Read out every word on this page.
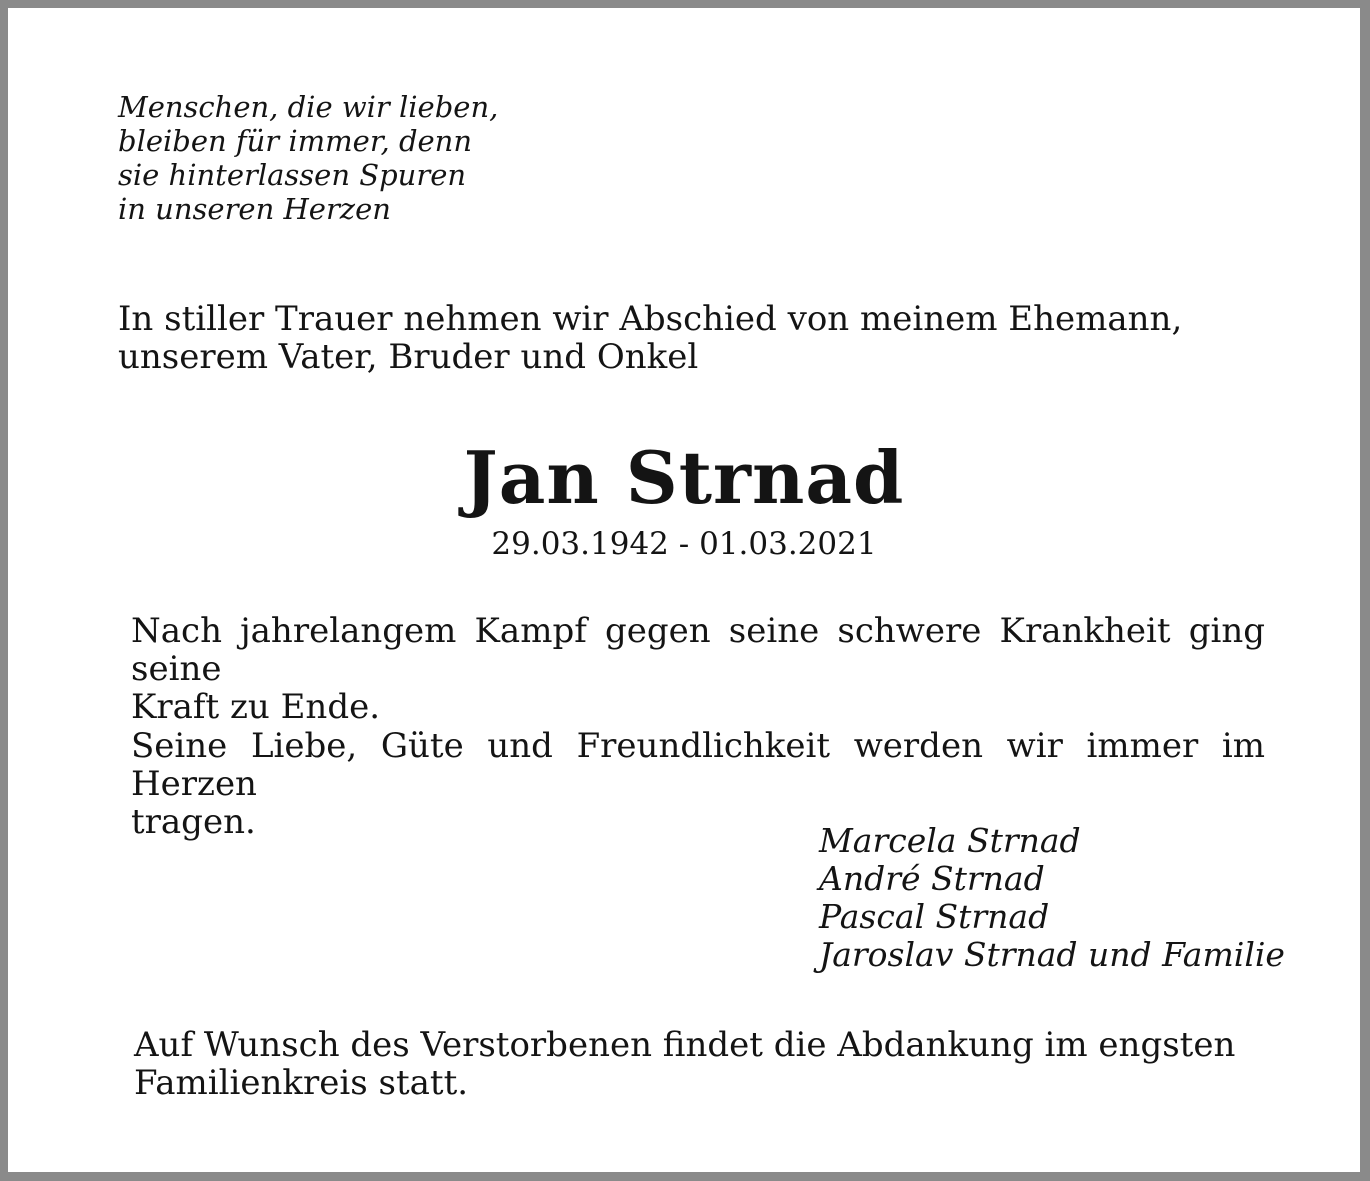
Menschen, die wir lieben,
bleiben für immer, denn
sie hinterlassen Spuren
in unseren Herzen
In stiller Trauer nehmen wir Abschied von meinem Ehemann,
unserem Vater, Bruder und Onkel
Jan Strnad
29.03.1942 - 01.03.2021
Nach jahrelangem Kampf gegen seine schwere Krankheit ging seine
Kraft zu Ende.
Seine Liebe, Güte und Freundlichkeit werden wir immer im Herzen
tragen.	Marcela Strnad
André Strnad
Pascal Strnad
Jaroslav Strnad und Familie
Auf Wunsch des Verstorbenen findet die Abdankung im engsten
Familienkreis statt.
